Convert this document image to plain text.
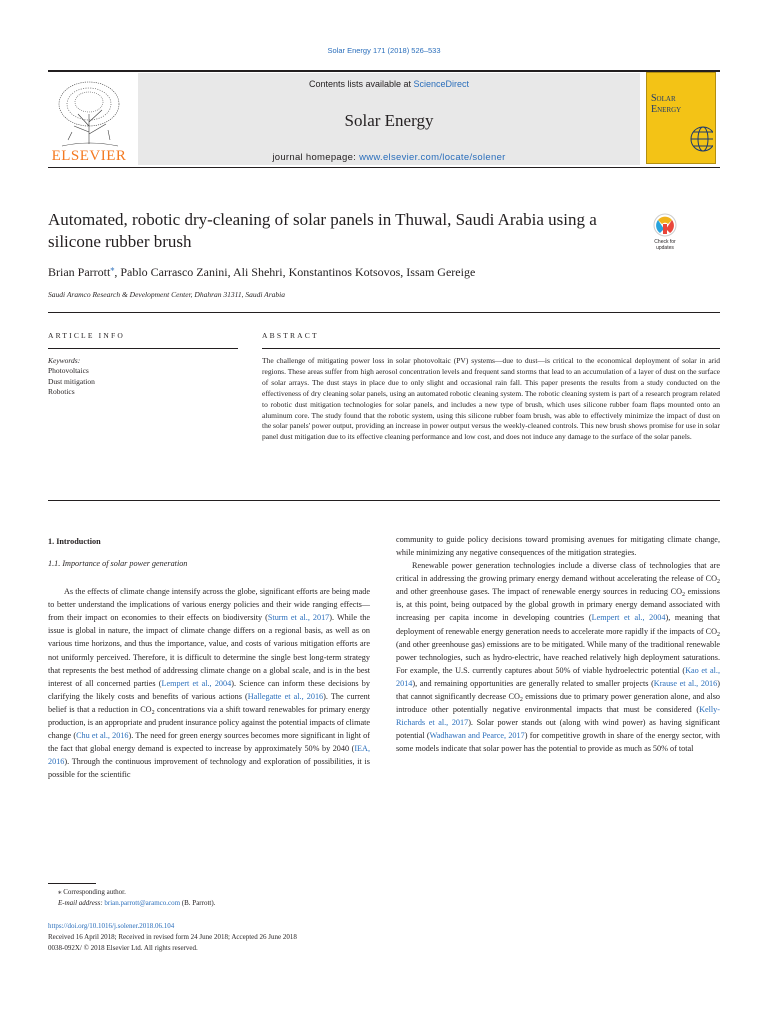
Solar Energy 171 (2018) 526–533
ELSEVIER
Contents lists available at ScienceDirect
Solar Energy
journal homepage: www.elsevier.com/locate/solener
Solar
Energy
Automated, robotic dry-cleaning of solar panels in Thuwal, Saudi Arabia using a silicone rubber brush	Check for
updates
Brian Parrott⁎, Pablo Carrasco Zanini, Ali Shehri, Konstantinos Kotsovos, Issam Gereige
Saudi Aramco Research & Development Center, Dhahran 31311, Saudi Arabia
ARTICLE INFO	ABSTRACT
Keywords:
Photovoltaics
Dust mitigation
Robotics
The challenge of mitigating power loss in solar photovoltaic (PV) systems—due to dust—is critical to the economical deployment of solar in arid regions. These areas suffer from high aerosol concentration levels and frequent sand storms that lead to an accumulation of a layer of dust on the surface of solar arrays. The dust stays in place due to only slight and occasional rain fall. This paper presents the results from a study conducted on the effectiveness of dry cleaning solar panels, using an automated robotic cleaning system. The robotic cleaning system is part of a research program related to robotic dust mitigation technologies for solar panels, and includes a new type of brush, which uses silicone rubber foam flaps mounted onto an aluminum core. The study found that the robotic system, using this silicone rubber foam brush, was able to effectively minimize the impact of dust on the solar panels' power output, providing an increase in power output versus the weekly-cleaned controls. This new brush shows promise for use in solar panel dust mitigation due to its effective cleaning performance and low cost, and does not induce any damage to the surface of the solar panels.
1. Introduction
1.1. Importance of solar power generation
As the effects of climate change intensify across the globe, significant efforts are being made to better understand the implications of various energy policies and their wide ranging effects—from their impact on economies to their effects on biodiversity (Sturm et al., 2017). While the issue is global in nature, the impact of climate change differs on a regional basis, as well as on various time horizons, and thus the importance, value, and costs of various mitigation efforts are not uniformly perceived. Therefore, it is difficult to determine the single best long-term strategy that represents the best method of addressing climate change on a global scale, and is in the best interest of all concerned parties (Lempert et al., 2004). Science can inform these decisions by clarifying the likely costs and benefits of various actions (Hallegatte et al., 2016). The current belief is that a reduction in $CO_2$ concentrations via a shift toward renewables for primary energy production, is an appropriate and prudent insurance policy against the potential impacts of climate change (Chu et al., 2016). The need for green energy sources becomes more significant in light of the fact that global energy demand is expected to increase by approximately 50% by 2040 (IEA, 2016). Through the continuous improvement of technology and exploration of possibilities, it is possible for the scientific
community to guide policy decisions toward promising avenues for mitigating climate change, while minimizing any negative consequences of the mitigation strategies.
Renewable power generation technologies include a diverse class of technologies that are critical in addressing the growing primary energy demand without accelerating the release of $CO_2$ and other greenhouse gases. The impact of renewable energy sources in reducing $CO_2$ emissions is, at this point, being outpaced by the global growth in primary energy demand associated with increasing per capita income in developing countries (Lempert et al., 2004), meaning that deployment of renewable energy generation needs to accelerate more rapidly if the impacts of $CO_2$ (and other greenhouse gas) emissions are to be mitigated. While many of the traditional renewable power technologies, such as hydro-electric, have reached relatively high deployment saturations. For example, the U.S. currently captures about 50% of viable hydroelectric potential (Kao et al., 2014), and remaining opportunities are generally related to smaller projects (Krause et al., 2016) that cannot significantly decrease $CO_2$ emissions due to primary power generation alone, and also introduce other potentially negative environmental impacts that must be considered (Kelly-Richards et al., 2017). Solar power stands out (along with wind power) as having significant potential (Wadhawan and Pearce, 2017) for competitive growth in share of the energy sector, with some models indicate that solar power has the potential to provide as much as 50% of total
⁎ Corresponding author.
E-mail address: brian.parrott@aramco.com (B. Parrott).
https://doi.org/10.1016/j.solener.2018.06.104
Received 16 April 2018; Received in revised form 24 June 2018; Accepted 26 June 2018
0038-092X/ © 2018 Elsevier Ltd. All rights reserved.
